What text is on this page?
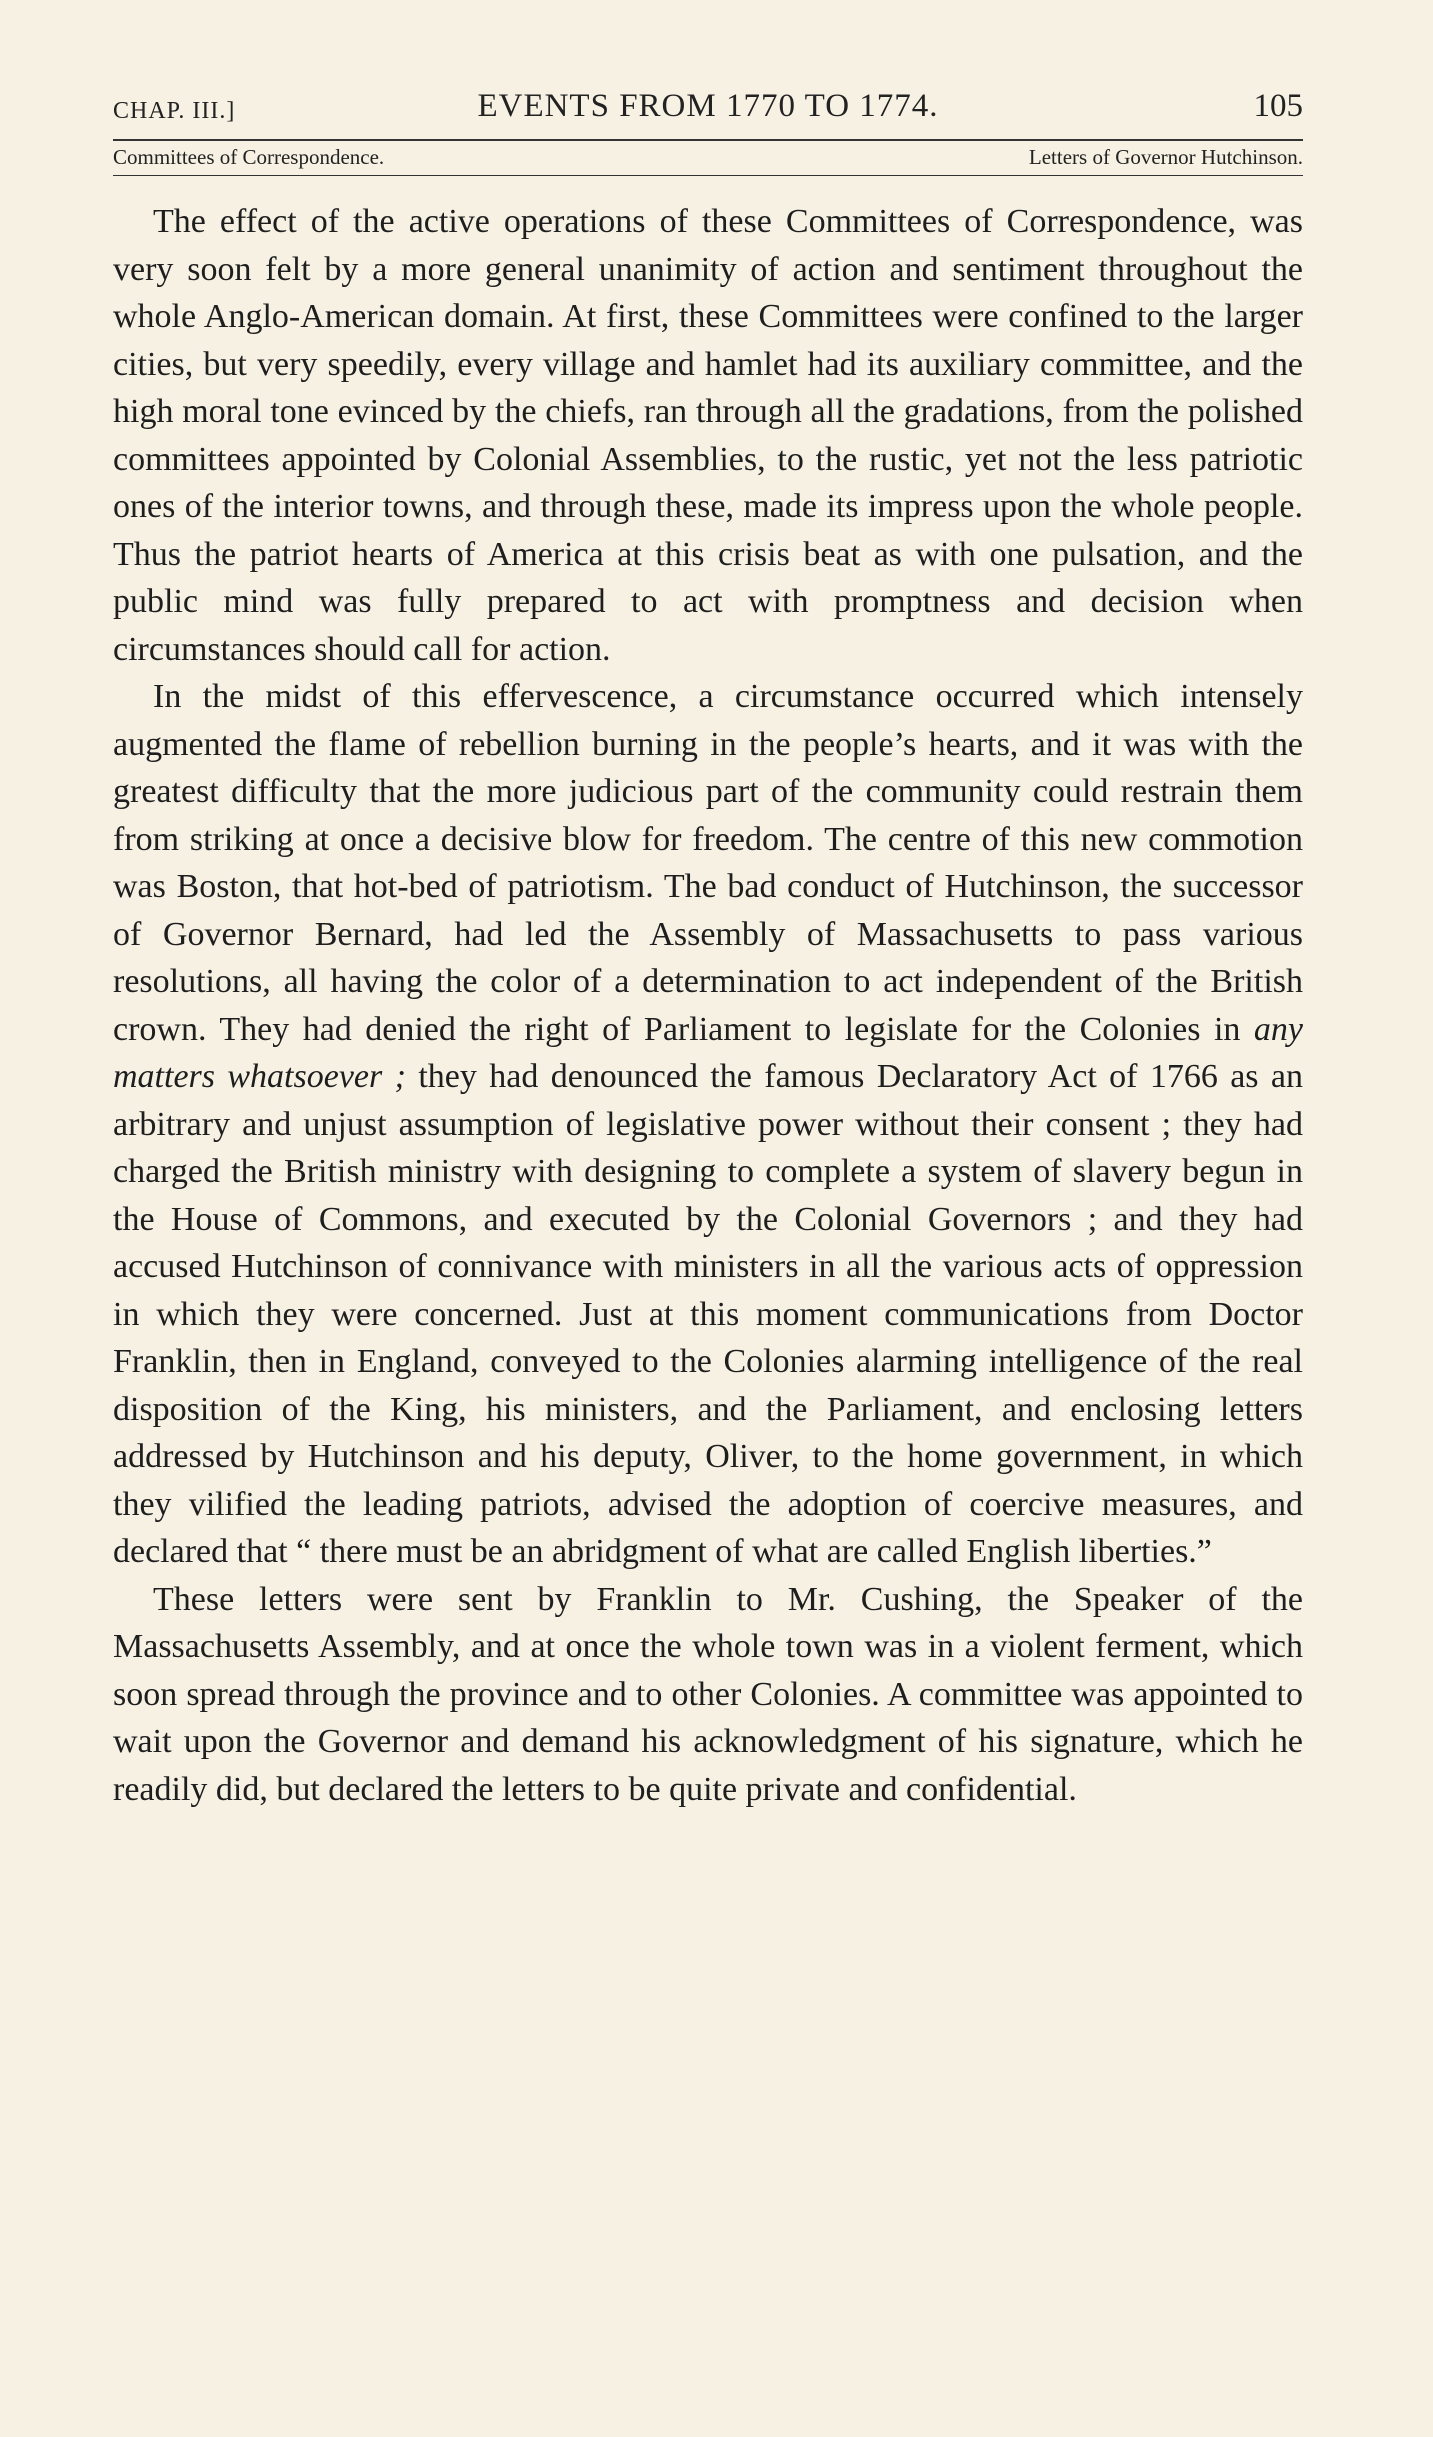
CHAP. III.]	EVENTS FROM 1770 TO 1774.	105
Committees of Correspondence.	Letters of Governor Hutchinson.

The effect of the active operations of these Committees of Correspondence, was very soon felt by a more general unanimity of action and sentiment throughout the whole Anglo-American domain. At first, these Committees were confined to the larger cities, but very speedily, every village and hamlet had its auxiliary committee, and the high moral tone evinced by the chiefs, ran through all the gradations, from the polished committees appointed by Colonial Assemblies, to the rustic, yet not the less patriotic ones of the interior towns, and through these, made its impress upon the whole people. Thus the patriot hearts of America at this crisis beat as with one pulsation, and the public mind was fully prepared to act with promptness and decision when circumstances should call for action.

In the midst of this effervescence, a circumstance occurred which intensely augmented the flame of rebellion burning in the people’s hearts, and it was with the greatest difficulty that the more judicious part of the community could restrain them from striking at once a decisive blow for freedom. The centre of this new commotion was Boston, that hot-bed of patriotism. The bad conduct of Hutchinson, the successor of Governor Bernard, had led the Assembly of Massachusetts to pass various resolutions, all having the color of a determination to act independent of the British crown. They had denied the right of Parliament to legislate for the Colonies in any matters whatsoever ; they had denounced the famous Declaratory Act of 1766 as an arbitrary and unjust assumption of legislative power without their consent ; they had charged the British ministry with designing to complete a system of slavery begun in the House of Commons, and executed by the Colonial Governors ; and they had accused Hutchinson of connivance with ministers in all the various acts of oppression in which they were concerned. Just at this moment communications from Doctor Franklin, then in England, conveyed to the Colonies alarming intelligence of the real disposition of the King, his ministers, and the Parliament, and enclosing letters addressed by Hutchinson and his deputy, Oliver, to the home government, in which they vilified the leading patriots, advised the adoption of coercive measures, and declared that “ there must be an abridgment of what are called English liberties.”

These letters were sent by Franklin to Mr. Cushing, the Speaker of the Massachusetts Assembly, and at once the whole town was in a violent ferment, which soon spread through the province and to other Colonies. A committee was appointed to wait upon the Governor and demand his acknowledgment of his signature, which he readily did, but declared the letters to be quite private and confidential.
